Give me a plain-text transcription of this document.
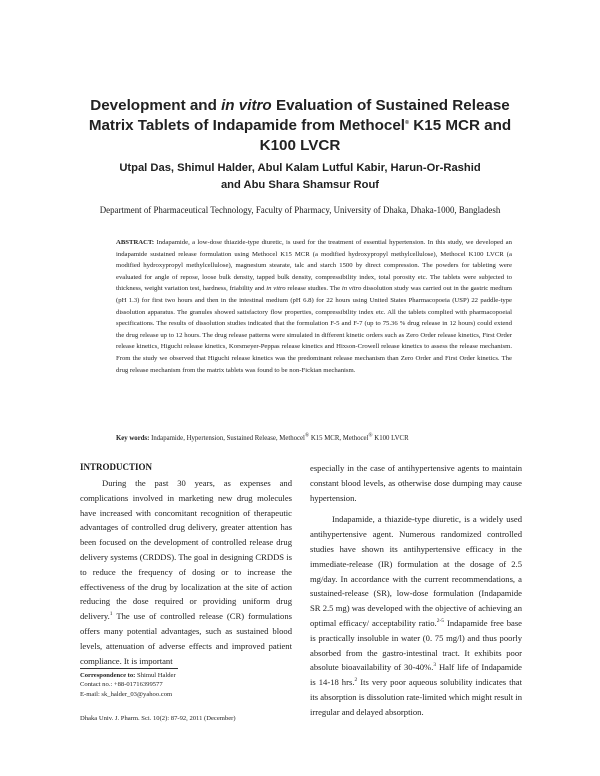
Development and in vitro Evaluation of Sustained Release Matrix Tablets of Indapamide from Methocel® K15 MCR and K100 LVCR
Utpal Das, Shimul Halder, Abul Kalam Lutful Kabir, Harun-Or-Rashid
and Abu Shara Shamsur Rouf
Department of Pharmaceutical Technology, Faculty of Pharmacy, University of Dhaka, Dhaka-1000, Bangladesh
ABSTRACT: Indapamide, a low-dose thiazide-type diuretic, is used for the treatment of essential hypertension. In this study, we developed an indapamide sustained release formulation using Methocel K15 MCR (a modified hydroxypropyl methylcellulose), Methocel K100 LVCR (a modified hydroxypropyl methylcellulose), magnesium stearate, talc and starch 1500 by direct compression. The powders for tableting were evaluated for angle of repose, loose bulk density, tapped bulk density, compressibility index, total porosity etc. The tablets were subjected to thickness, weight variation test, hardness, friability and in vitro release studies. The in vitro dissolution study was carried out in the gastric medium (pH 1.3) for first two hours and then in the intestinal medium (pH 6.8) for 22 hours using United States Pharmacopoeia (USP) 22 paddle-type dissolution apparatus. The granules showed satisfactory flow properties, compressibility index etc. All the tablets complied with pharmacopoeial specifications. The results of dissolution studies indicated that the formulation F-5 and F-7 (up to 75.36 % drug release in 12 hours) could extend the drug release up to 12 hours. The drug release patterns were simulated in different kinetic orders such as Zero Order release kinetics, First Order release kinetics, Higuchi release kinetics, Korsmeyer-Peppas release kinetics and Hixson-Crowell release kinetics to assess the release mechanism. From the study we observed that Higuchi release kinetics was the predominant release mechanism than Zero Order and First Order kinetics. The drug release mechanism from the matrix tablets was found to be non-Fickian mechanism.
Key words: Indapamide, Hypertension, Sustained Release, Methocel® K15 MCR, Methocel® K100 LVCR
INTRODUCTION

During the past 30 years, as expenses and complications involved in marketing new drug molecules have increased with concomitant recognition of therapeutic advantages of controlled drug delivery, greater attention has been focused on the development of controlled release drug delivery systems (CRDDS). The goal in designing CRDDS is to reduce the frequency of dosing or to increase the effectiveness of the drug by localization at the site of action reducing the dose required or providing uniform drug delivery.$^1$ The use of controlled release (CR) formulations offers many potential advantages, such as sustained blood levels, attenuation of adverse effects and improved patient compliance. It is important

especially in the case of antihypertensive agents to maintain constant blood levels, as otherwise dose dumping may cause hypertension.

Indapamide, a thiazide-type diuretic, is a widely used antihypertensive agent. Numerous randomized controlled studies have shown its antihypertensive efficacy in the immediate-release (IR) formulation at the dosage of 2.5 mg/day. In accordance with the current recommendations, a sustained-release (SR), low-dose formulation (Indapamide SR 2.5 mg) was developed with the objective of achieving an optimal efficacy/ acceptability ratio.$^{2-5}$ Indapamide free base is practically insoluble in water (0. 75 mg/l) and thus poorly absorbed from the gastro-intestinal tract. It exhibits poor absolute bioavailability of 30-40%.$^3$ Half life of Indapamide is 14-18 hrs.$^2$ Its very poor aqueous solubility indicates that its absorption is dissolution rate-limited which might result in irregular and delayed absorption.

Correspondence to: Shimul Halder
Contact no.: +88-01716399577
E-mail: sk_halder_03@yahoo.com
Dhaka Univ. J. Pharm. Sci. 10(2): 87-92, 2011 (December)
